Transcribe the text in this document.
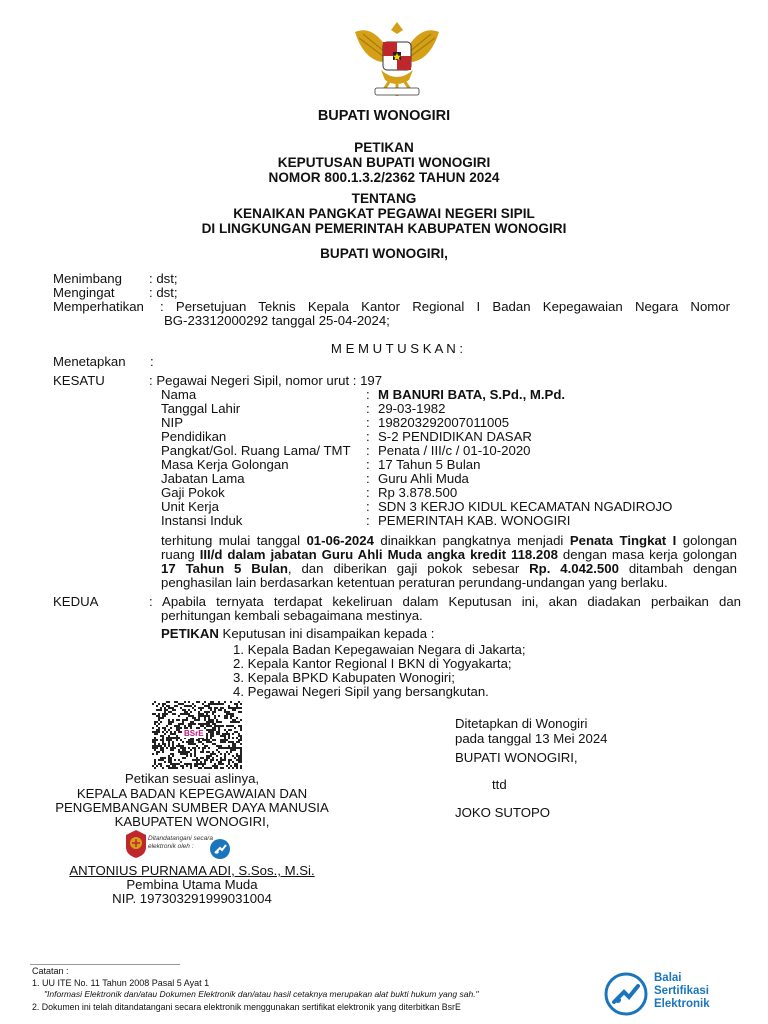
BUPATI WONOGIRI
PETIKAN
KEPUTUSAN BUPATI WONOGIRI
NOMOR 800.1.3.2/2362 TAHUN 2024
TENTANG
KENAIKAN PANGKAT PEGAWAI NEGERI SIPIL
DI LINGKUNGAN PEMERINTAH KABUPATEN WONOGIRI
BUPATI WONOGIRI,
Menimbang : dst;
Mengingat	: dst;
Memperhatikan : Persetujuan Teknis Kepala Kantor Regional I Badan Kepegawaian Negara Nomor
BG-23312000292 tanggal 25-04-2024;
M E M U T U S K A N :
Menetapkan :
KESATU	: Pegawai Negeri Sipil, nomor urut : 197
Nama	: M BANURI BATA, S.Pd., M.Pd.
Tanggal Lahir	: 29-03-1982
NIP	: 198203292007011005
Pendidikan	: S-2 PENDIDIKAN DASAR
Pangkat/Gol. Ruang Lama/ TMT : Penata / III/c / 01-10-2020
Masa Kerja Golongan	: 17 Tahun 5 Bulan
Jabatan Lama	: Guru Ahli Muda
Gaji Pokok	: Rp 3.878.500
Unit Kerja	: SDN 3 KERJO KIDUL KECAMATAN NGADIROJO
Instansi Induk	: PEMERINTAH KAB. WONOGIRI
terhitung mulai tanggal 01-06-2024 dinaikkan pangkatnya menjadi Penata Tingkat I golongan
ruang III/d dalam jabatan Guru Ahli Muda angka kredit 118.208 dengan masa kerja golongan
17 Tahun 5 Bulan, dan diberikan gaji pokok sebesar Rp. 4.042.500 ditambah dengan
penghasilan lain berdasarkan ketentuan peraturan perundang-undangan yang berlaku.
KEDUA	: Apabila ternyata terdapat kekeliruan dalam Keputusan ini, akan diadakan perbaikan dan
perhitungan kembali sebagaimana mestinya.
PETIKAN Keputusan ini disampaikan kepada :
1. Kepala Badan Kepegawaian Negara di Jakarta;
2. Kepala Kantor Regional I BKN di Yogyakarta;
3. Kepala BPKD Kabupaten Wonogiri;
4. Pegawai Negeri Sipil yang bersangkutan.
BSrE
Ditetapkan di Wonogiri
pada tanggal 13 Mei 2024
BUPATI WONOGIRI,
ttd
JOKO SUTOPO
Petikan sesuai aslinya,
KEPALA BADAN KEPEGAWAIAN DAN
PENGEMBANGAN SUMBER DAYA MANUSIA
KABUPATEN WONOGIRI,
Ditandatangani secara
elektronik oleh :
ANTONIUS PURNAMA ADI, S.Sos., M.Si.
Pembina Utama Muda
NIP. 197303291999031004
Catatan :
1. UU ITE No. 11 Tahun 2008 Pasal 5 Ayat 1
"Informasi Elektronik dan/atau Dokumen Elektronik dan/atau hasil cetaknya merupakan alat bukti hukum yang sah."
2. Dokumen ini telah ditandatangani secara elektronik menggunakan sertifikat elektronik yang diterbitkan BsrE
Balai
Sertifikasi
Elektronik
